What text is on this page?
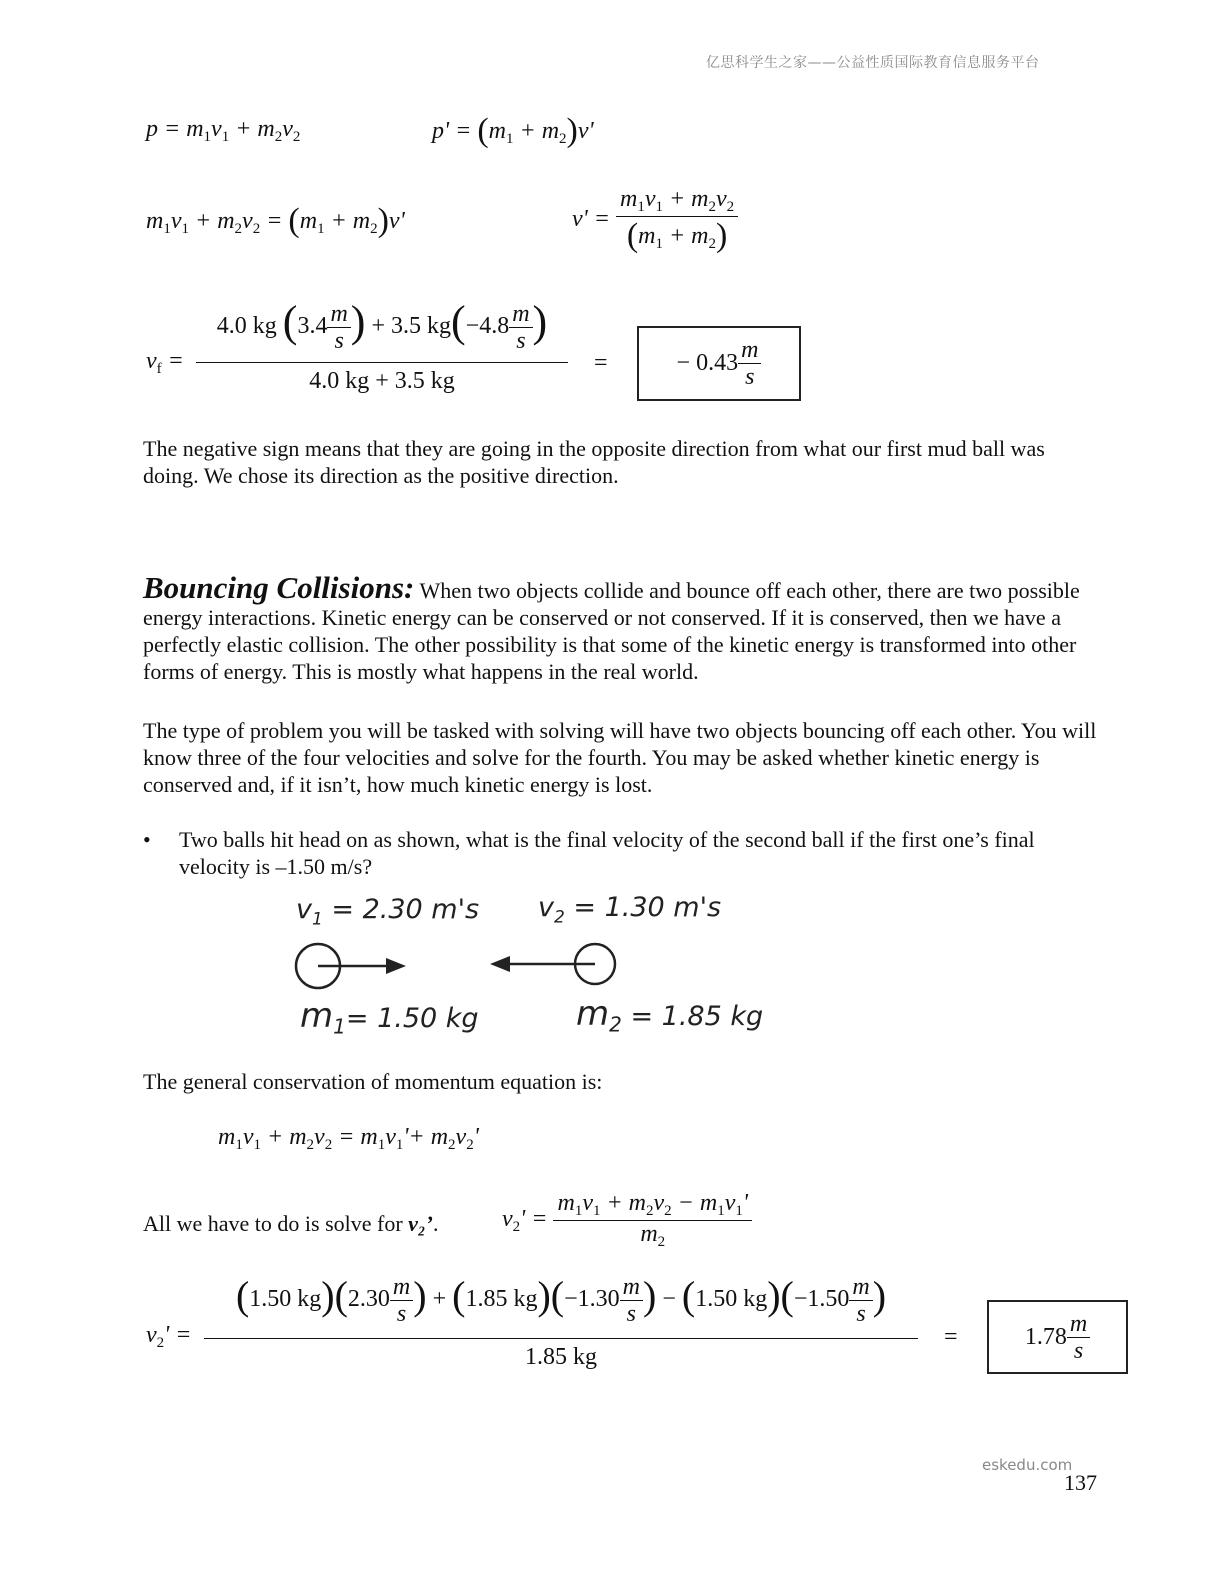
亿思科学生之家——公益性质国际教育信息服务平台
$p = m_1v_1 + m_2v_2$	$p' = (m_1 + m_2)v'$
$m_1v_1 + m_2v_2 = (m_1 + m_2)v'$	$v' = \frac{m_1v_1 + m_2v_2}{(m_1 + m_2)}$
$v_f$ =
4.0 kg ($3.4 \frac{m}{s}$ ) + 3.5 $kg(-4.8 \frac{m}{s}$ )
4.0 kg + 3.5 kg
=	− $0.43 \frac{m}{s}$
The negative sign means that they are going in the opposite direction from what our first mud ball was doing. We chose its direction as the positive direction.
Bouncing Collisions: When two objects collide and bounce off each other, there are two possible energy interactions. Kinetic energy can be conserved or not conserved. If it is conserved, then we have a perfectly elastic collision. The other possibility is that some of the kinetic energy is transformed into other forms of energy. This is mostly what happens in the real world.
The type of problem you will be tasked with solving will have two objects bouncing off each other. You will know three of the four velocities and solve for the fourth. You may be asked whether kinetic energy is conserved and, if it isn’t, how much kinetic energy is lost.
• Two balls hit head on as shown, what is the final velocity of the second ball if the first one’s final velocity is –1.50 m/s?
$v_1 = 2.30$ m's $v_2 = 1.30$ m's
$m_1= 1.50$ kg	$m_2 = 1.85$ kg
The general conservation of momentum equation is:
$m_1v_1 + m_2v_2 = m_1v_1'+ m_2v_2'$
All we have to do is solve for v₂’.	$v_2' = \frac{m_1v_1 + m_2v_2 - m_1v_1'}{m_2}$
$v_2'$ =
(1.50 $kg)(2.30 \frac{m}{s}$ ) + (1.85 $kg)(-1.30 \frac{m}{s}$ ) − (1.50 $kg)(-1.50 \frac{m}{s}$ )
1.85 kg
=	$1.78 \frac{m}{s}$
eskedu.com
137
